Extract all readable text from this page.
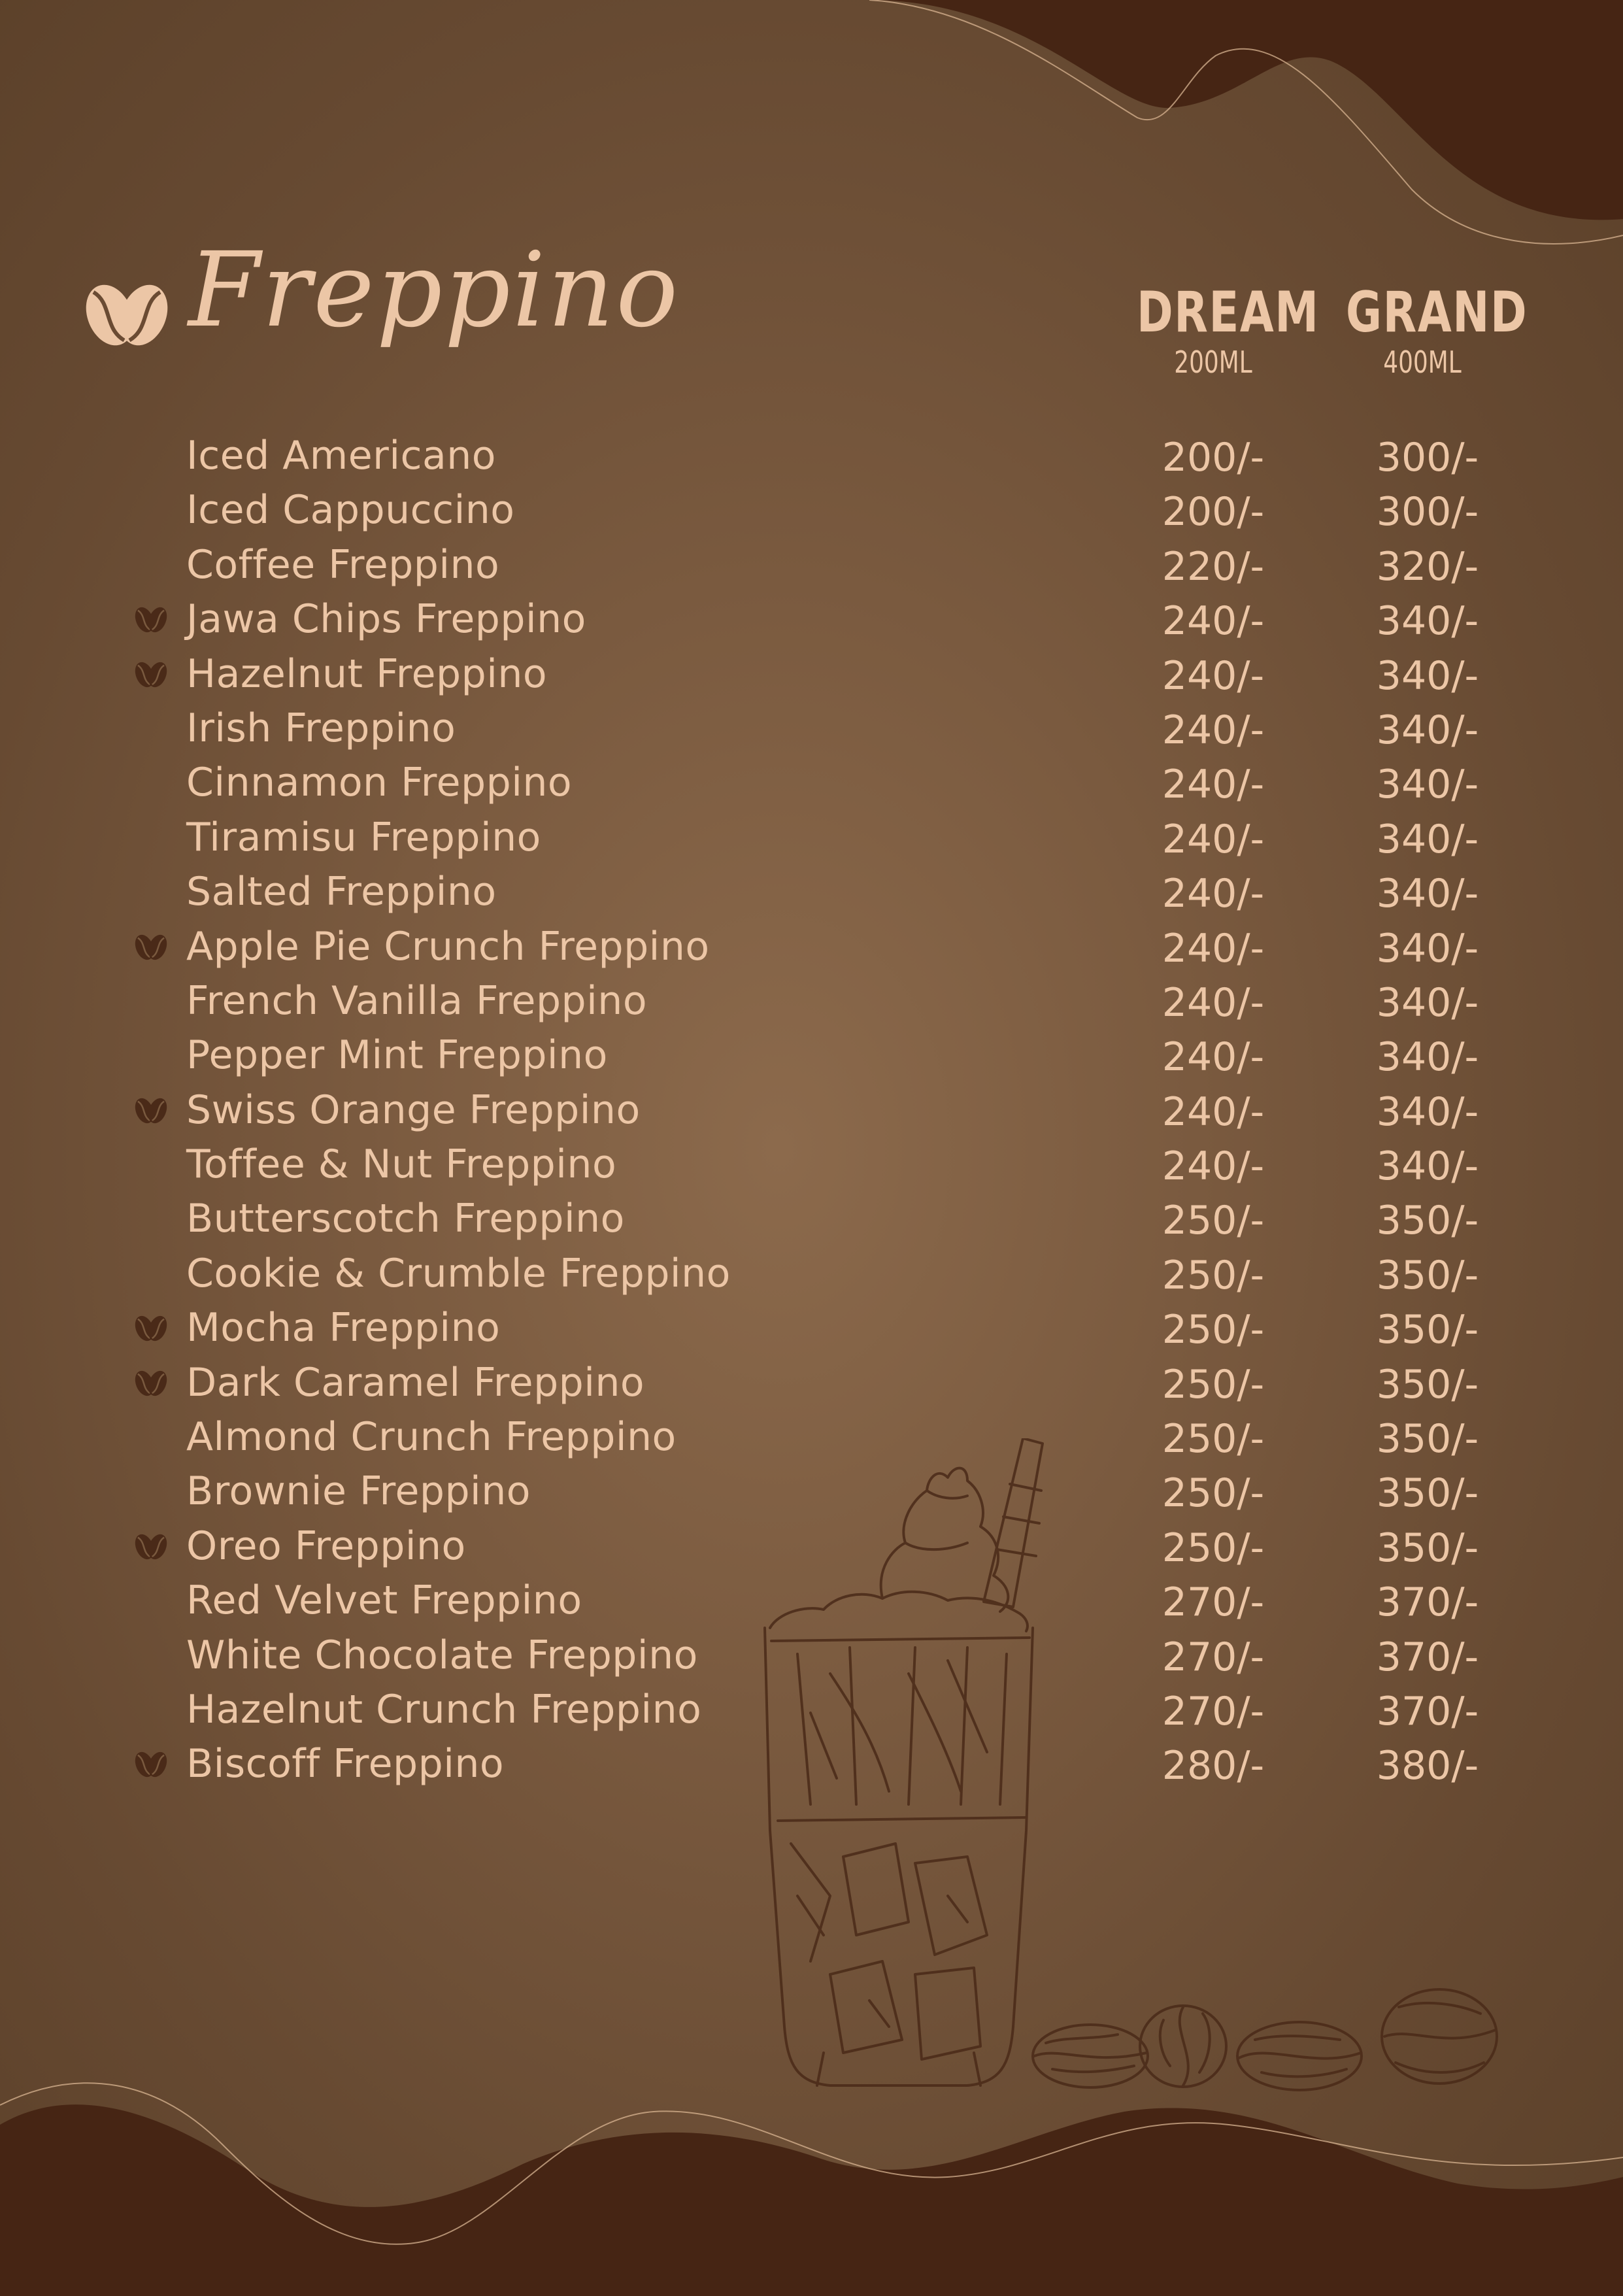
Freppino	DREAM
200ML
GRAND
400ML
Iced Americano	200/-	300/-
Iced Cappuccino	200/-	300/-
Coffee Freppino	220/-	320/-
Jawa Chips Freppino	240/-	340/-
Hazelnut Freppino	240/-	340/-
Irish Freppino	240/-	340/-
Cinnamon Freppino	240/-	340/-
Tiramisu Freppino	240/-	340/-
Salted Freppino	240/-	340/-
Apple Pie Crunch Freppino	240/-	340/-
French Vanilla Freppino	240/-	340/-
Pepper Mint Freppino	240/-	340/-
Swiss Orange Freppino	240/-	340/-
Toffee & Nut Freppino	240/-	340/-
Butterscotch Freppino	250/-	350/-
Cookie & Crumble Freppino	250/-	350/-
Mocha Freppino	250/-	350/-
Dark Caramel Freppino	250/-	350/-
Almond Crunch Freppino	250/-	350/-
Brownie Freppino	250/-	350/-
Oreo Freppino	250/-	350/-
Red Velvet Freppino	270/-	370/-
White Chocolate Freppino	270/-	370/-
Hazelnut Crunch Freppino	270/-	370/-
Biscoff Freppino	280/-	380/-
